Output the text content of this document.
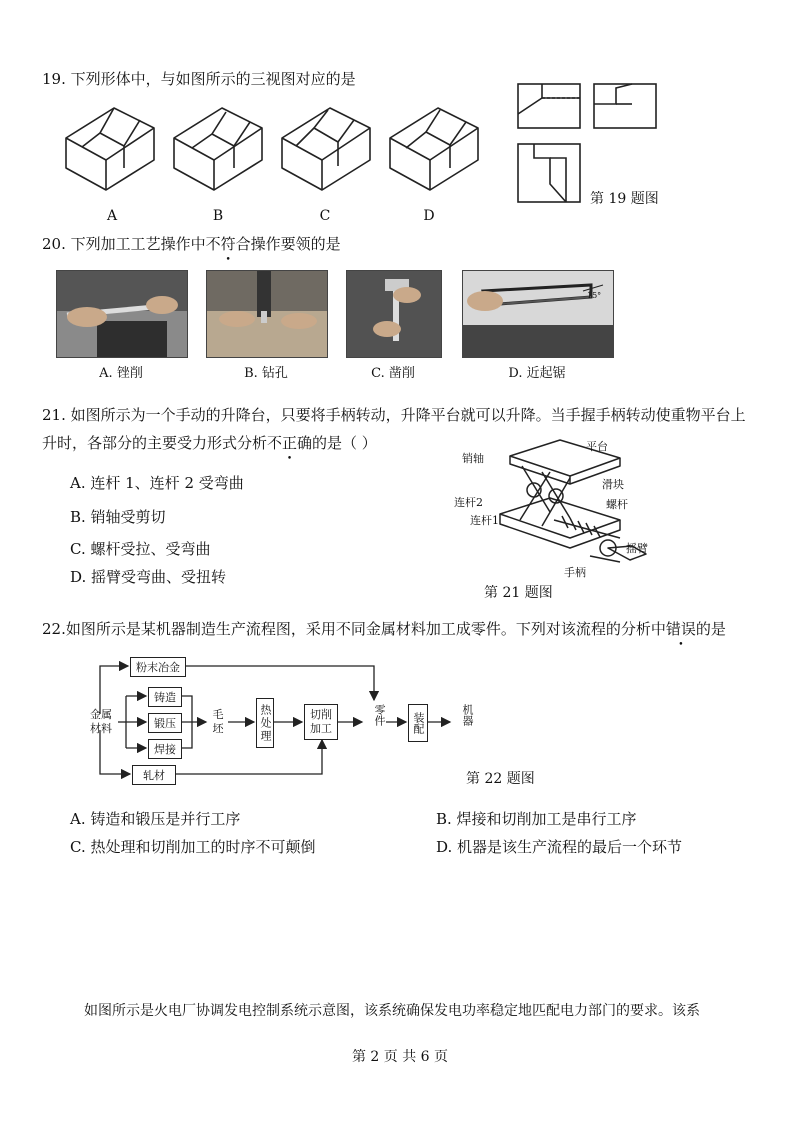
19. 下列形体中，与如图所示的三视图对应的是
A	B	C	D
第 19 题图
20. 下列加工工艺操作中不符合操作要领的是
15°
A. 锉削	B. 钻孔	C. 凿削	D. 近起锯
21. 如图所示为一个手动的升降台，只要将手柄转动，升降平台就可以升降。当手握手柄转动使重物平台上
升时，各部分的主要受力形式分析不正确的是（ ）
A. 连杆 1、连杆 2 受弯曲
B. 销轴受剪切
C. 螺杆受拉、受弯曲
D. 摇臂受弯曲、受扭转
销轴
平台
滑块
螺杆
连杆2
连杆1
摇臂
手柄
第 21 题图
22.如图所示是某机器制造生产流程图，采用不同金属材料加工成零件。下列对该流程的分析中错误的是
金属
材料
粉末冶金
铸造
锻压
焊接
轧材
毛
坯	热处理	切削
加工
零件	装配	机器
第 22 题图
A. 铸造和锻压是并行工序	B. 焊接和切削加工是串行工序
C. 热处理和切削加工的时序不可颠倒	D. 机器是该生产流程的最后一个环节
如图所示是火电厂协调发电控制系统示意图，该系统确保发电功率稳定地匹配电力部门的要求。该系
第 2 页 共 6 页
